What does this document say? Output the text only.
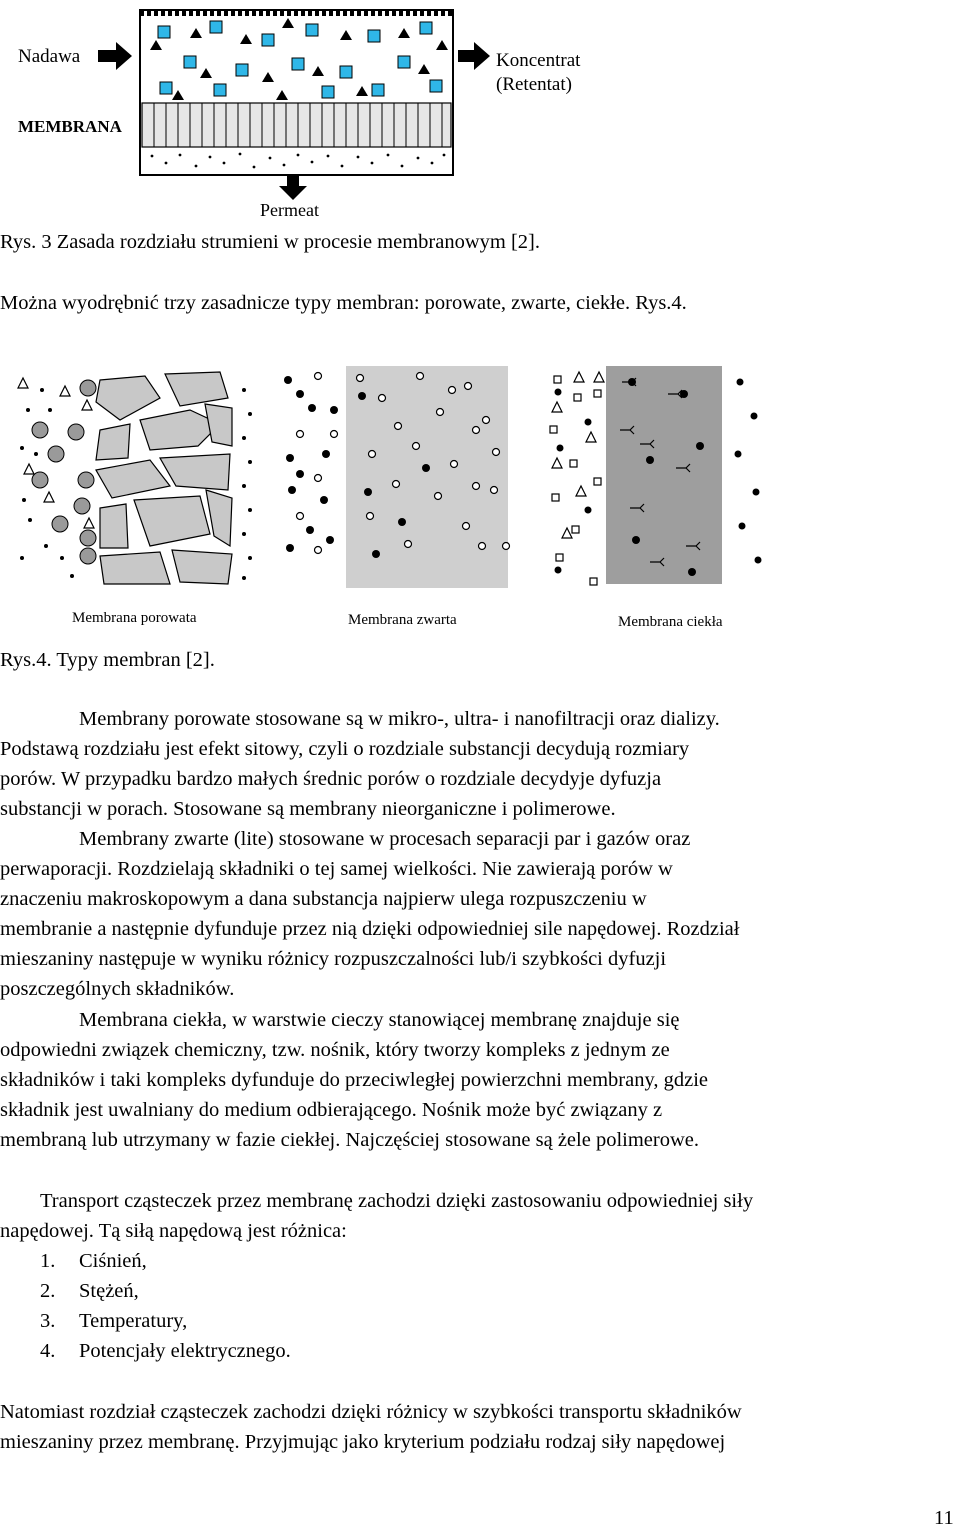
Nadawa
MEMBRANA
Koncentrat
(Retentat)
Permeat
Rys. 3 Zasada rozdziału strumieni w procesie membranowym [2].
Można wyodrębnić trzy zasadnicze typy membran: porowate, zwarte, ciekłe. Rys.4.
Membrana porowata	Membrana zwarta	Membrana ciekła
Rys.4. Typy membran [2].
Membrany porowate stosowane są w mikro-, ultra- i nanofiltracji oraz dializy.
Podstawą rozdziału jest efekt sitowy, czyli o rozdziale substancji decydują rozmiary
porów. W przypadku bardzo małych średnic porów o rozdziale decydyje dyfuzja
substancji w porach. Stosowane są membrany nieorganiczne i polimerowe.
Membrany zwarte (lite) stosowane w procesach separacji par i gazów oraz
perwaporacji. Rozdzielają składniki o tej samej wielkości. Nie zawierają porów w
znaczeniu makroskopowym a dana substancja najpierw ulega rozpuszczeniu w
membranie a następnie dyfunduje przez nią dzięki odpowiedniej sile napędowej. Rozdział
mieszaniny następuje w wyniku różnicy rozpuszczalności lub/i szybkości dyfuzji
poszczególnych składników.
Membrana ciekła, w warstwie cieczy stanowiącej membranę znajduje się
odpowiedni związek chemiczny, tzw. nośnik, który tworzy kompleks z jednym ze
składników i taki kompleks dyfunduje do przeciwległej powierzchni membrany, gdzie
składnik jest uwalniany do medium odbierającego. Nośnik może być związany z
membraną lub utrzymany w fazie ciekłej. Najczęściej stosowane są żele polimerowe.
Transport cząsteczek przez membranę zachodzi dzięki zastosowaniu odpowiedniej siły
napędowej. Tą siłą napędową jest różnica:
1. Ciśnień,
2. Stężeń,
3. Temperatury,
4. Potencjały elektrycznego.
Natomiast rozdział cząsteczek zachodzi dzięki różnicy w szybkości transportu składników
mieszaniny przez membranę. Przyjmując jako kryterium podziału rodzaj siły napędowej
11
